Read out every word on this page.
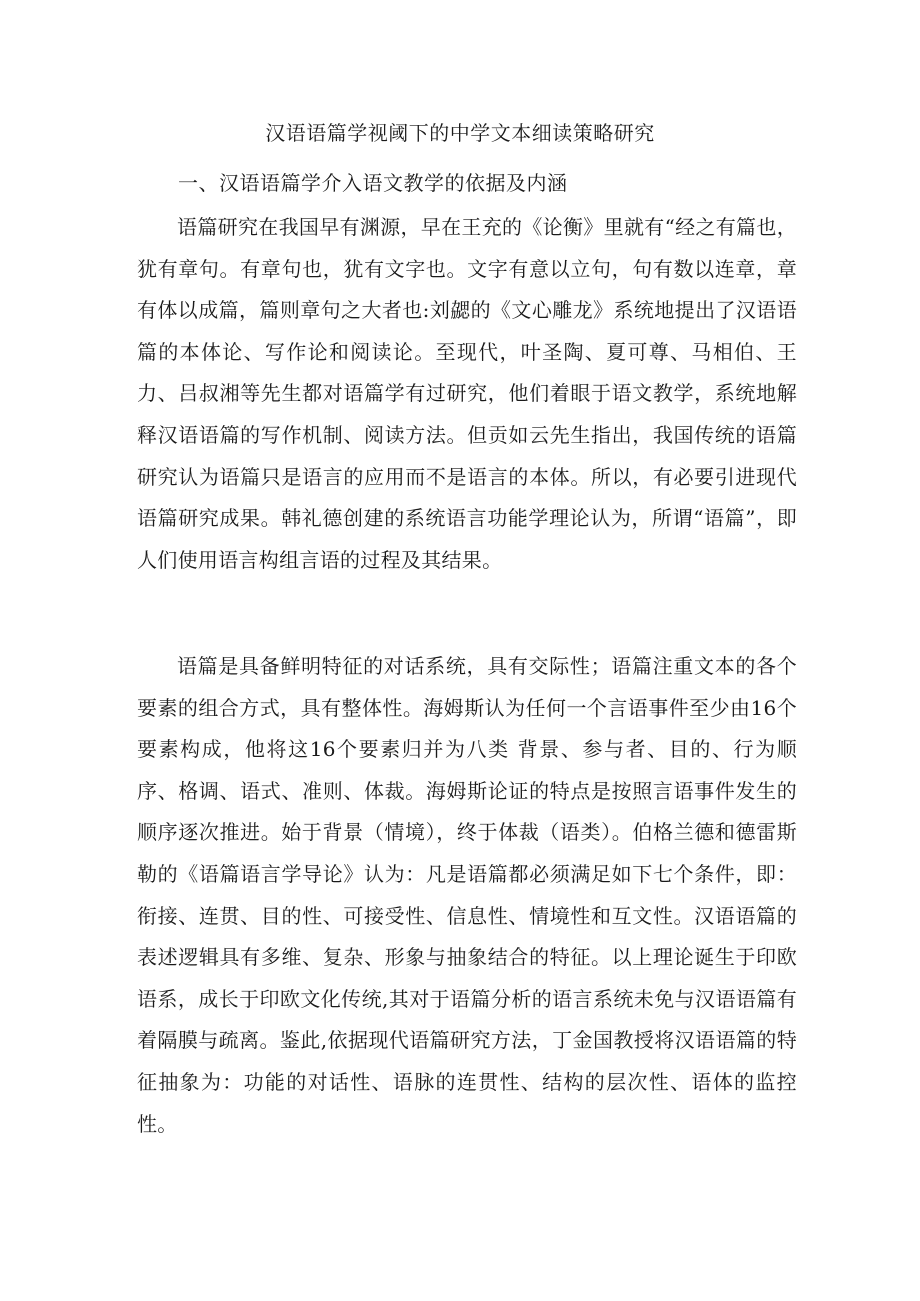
汉语语篇学视阈下的中学文本细读策略研究
一、汉语语篇学介入语文教学的依据及内涵

语篇研究在我国早有渊源，早在王充的《论衡》里就有“经之有篇也，犹有章句。有章句也，犹有文字也。文字有意以立句，句有数以连章，章有体以成篇，篇则章句之大者也:刘勰的《文心雕龙》系统地提出了汉语语篇的本体论、写作论和阅读论。至现代，叶圣陶、夏可尊、马相伯、王力、吕叔湘等先生都对语篇学有过研究，他们着眼于语文教学，系统地解释汉语语篇的写作机制、阅读方法。但贡如云先生指出，我国传统的语篇研究认为语篇只是语言的应用而不是语言的本体。所以，有必要引进现代语篇研究成果。韩礼德创建的系统语言功能学理论认为，所谓“语篇”，即人们使用语言构组言语的过程及其结果。

语篇是具备鲜明特征的对话系统，具有交际性；语篇注重文本的各个要素的组合方式，具有整体性。海姆斯认为任何一个言语事件至少由16个要素构成，他将这16个要素归并为八类 背景、参与者、目的、行为顺序、格调、语式、准则、体裁。海姆斯论证的特点是按照言语事件发生的顺序逐次推进。始于背景（情境），终于体裁（语类）。伯格兰德和德雷斯勒的《语篇语言学导论》认为：凡是语篇都必须满足如下七个条件，即：衔接、连贯、目的性、可接受性、信息性、情境性和互文性。汉语语篇的表述逻辑具有多维、复杂、形象与抽象结合的特征。以上理论诞生于印欧语系，成长于印欧文化传统,其对于语篇分析的语言系统未免与汉语语篇有着隔膜与疏离。鉴此,依据现代语篇研究方法，丁金国教授将汉语语篇的特征抽象为：功能的对话性、语脉的连贯性、结构的层次性、语体的监控性。
